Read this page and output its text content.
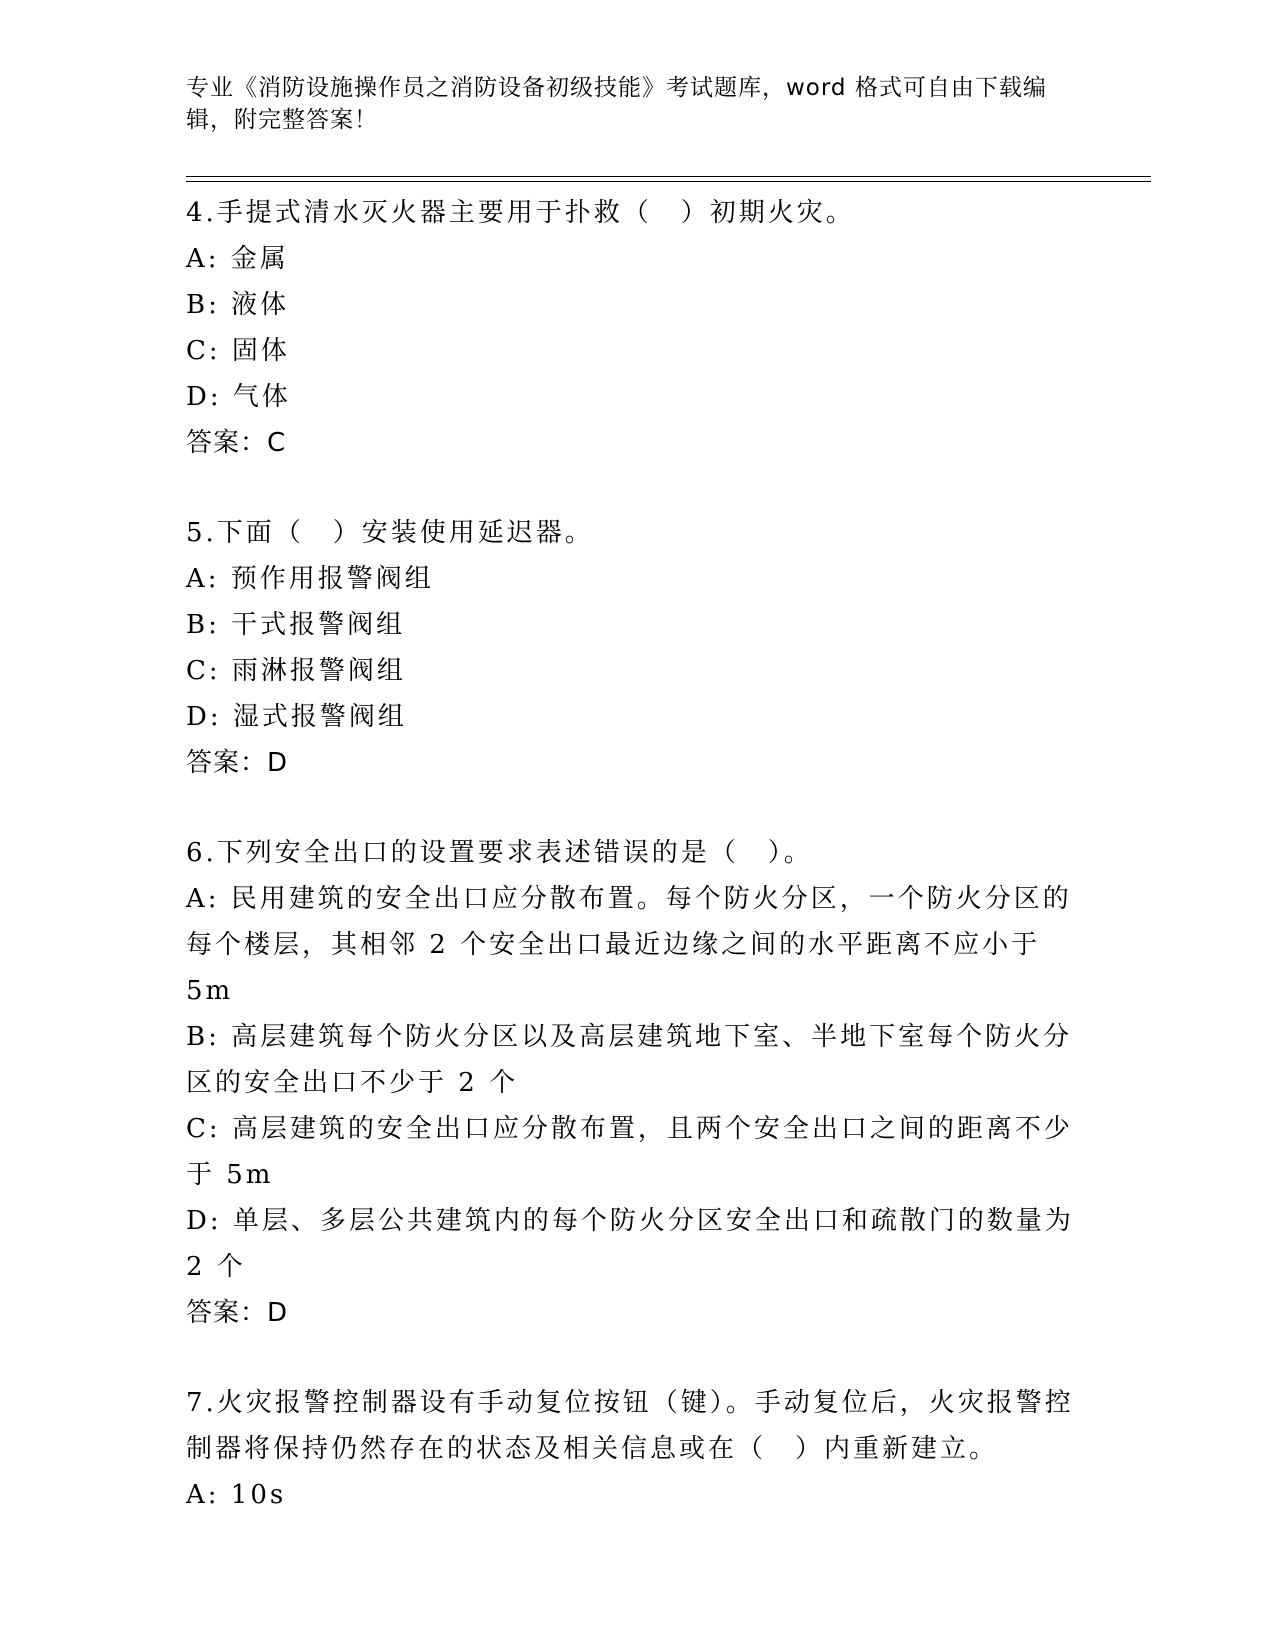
专业《消防设施操作员之消防设备初级技能》考试题库，word 格式可自由下载编辑，附完整答案！
4.手提式清水灭火器主要用于扑救（　）初期火灾。
A: 金属
B: 液体
C: 固体
D: 气体
答案：C
5.下面（　）安装使用延迟器。
A: 预作用报警阀组
B: 干式报警阀组
C: 雨淋报警阀组
D: 湿式报警阀组
答案：D
6.下列安全出口的设置要求表述错误的是（　）。
A: 民用建筑的安全出口应分散布置。每个防火分区，一个防火分区的每个楼层，其相邻 2 个安全出口最近边缘之间的水平距离不应小于 5m
B: 高层建筑每个防火分区以及高层建筑地下室、半地下室每个防火分区的安全出口不少于 2 个
C: 高层建筑的安全出口应分散布置，且两个安全出口之间的距离不少于 5m
D: 单层、多层公共建筑内的每个防火分区安全出口和疏散门的数量为 2 个
答案：D
7.火灾报警控制器设有手动复位按钮（键）。手动复位后，火灾报警控制器将保持仍然存在的状态及相关信息或在（　）内重新建立。
A: 10s
